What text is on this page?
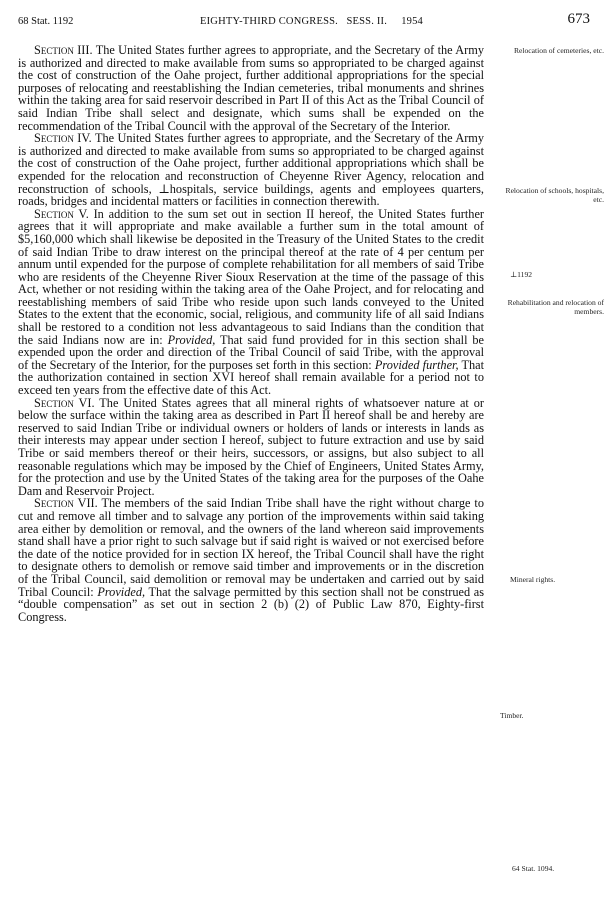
68 Stat. 1192	EIGHTY-THIRD CONGRESS. SESS. II. 1954	673

Section III. The United States further agrees to appropriate, and the Secretary of the Army is authorized and directed to make available from sums so appropriated to be charged against the cost of construction of the Oahe project, further additional appropriations for the special purposes of relocating and reestablishing the Indian cemeteries, tribal monuments and shrines within the taking area for said reservoir described in Part II of this Act as the Tribal Council of said Indian Tribe shall select and designate, which sums shall be expended on the recommendation of the Tribal Council with the approval of the Secretary of the Interior.

Section IV. The United States further agrees to appropriate, and the Secretary of the Army is authorized and directed to make available from sums so appropriated to be charged against the cost of construction of the Oahe project, further additional appropriations which shall be expended for the relocation and reconstruction of Cheyenne River Agency, relocation and reconstruction of schools, ⊥hospitals, service buildings, agents and employees quarters, roads, bridges and incidental matters or facilities in connection therewith.

Section V. In addition to the sum set out in section II hereof, the United States further agrees that it will appropriate and make available a further sum in the total amount of $5,160,000 which shall likewise be deposited in the Treasury of the United States to the credit of said Indian Tribe to draw interest on the principal thereof at the rate of 4 per centum per annum until expended for the purpose of complete rehabilitation for all members of said Tribe who are residents of the Cheyenne River Sioux Reservation at the time of the passage of this Act, whether or not residing within the taking area of the Oahe Project, and for relocating and reestablishing members of said Tribe who reside upon such lands conveyed to the United States to the extent that the economic, social, religious, and community life of all said Indians shall be restored to a condition not less advantageous to said Indians than the condition that the said Indians now are in: Provided, That said fund provided for in this section shall be expended upon the order and direction of the Tribal Council of said Tribe, with the approval of the Secretary of the Interior, for the purposes set forth in this section: Provided further, That the authorization contained in section XVI hereof shall remain available for a period not to exceed ten years from the effective date of this Act.

Section VI. The United States agrees that all mineral rights of whatsoever nature at or below the surface within the taking area as described in Part II hereof shall be and hereby are reserved to said Indian Tribe or individual owners or holders of lands or interests in lands as their interests may appear under section I hereof, subject to future extraction and use by said Tribe or said members thereof or their heirs, successors, or assigns, but also subject to all reasonable regulations which may be imposed by the Chief of Engineers, United States Army, for the protection and use by the United States of the taking area for the purposes of the Oahe Dam and Reservoir Project.

Section VII. The members of the said Indian Tribe shall have the right without charge to cut and remove all timber and to salvage any portion of the improvements within said taking area either by demolition or removal, and the owners of the land whereon said improvements stand shall have a prior right to such salvage but if said right is waived or not exercised before the date of the notice provided for in section IX hereof, the Tribal Council shall have the right to designate others to demolish or remove said timber and improvements or in the discretion of the Tribal Council, said demolition or removal may be undertaken and carried out by said Tribal Council: Provided, That the salvage permitted by this section shall not be construed as “double compensation” as set out in section 2 (b) (2) of Public Law 870, Eighty-first Congress.

Relocation of cemeteries, etc.
Relocation of schools, hospitals, etc.
⊥1192
Rehabilitation and relocation of members.
Mineral rights.
Timber.
64 Stat. 1094.
